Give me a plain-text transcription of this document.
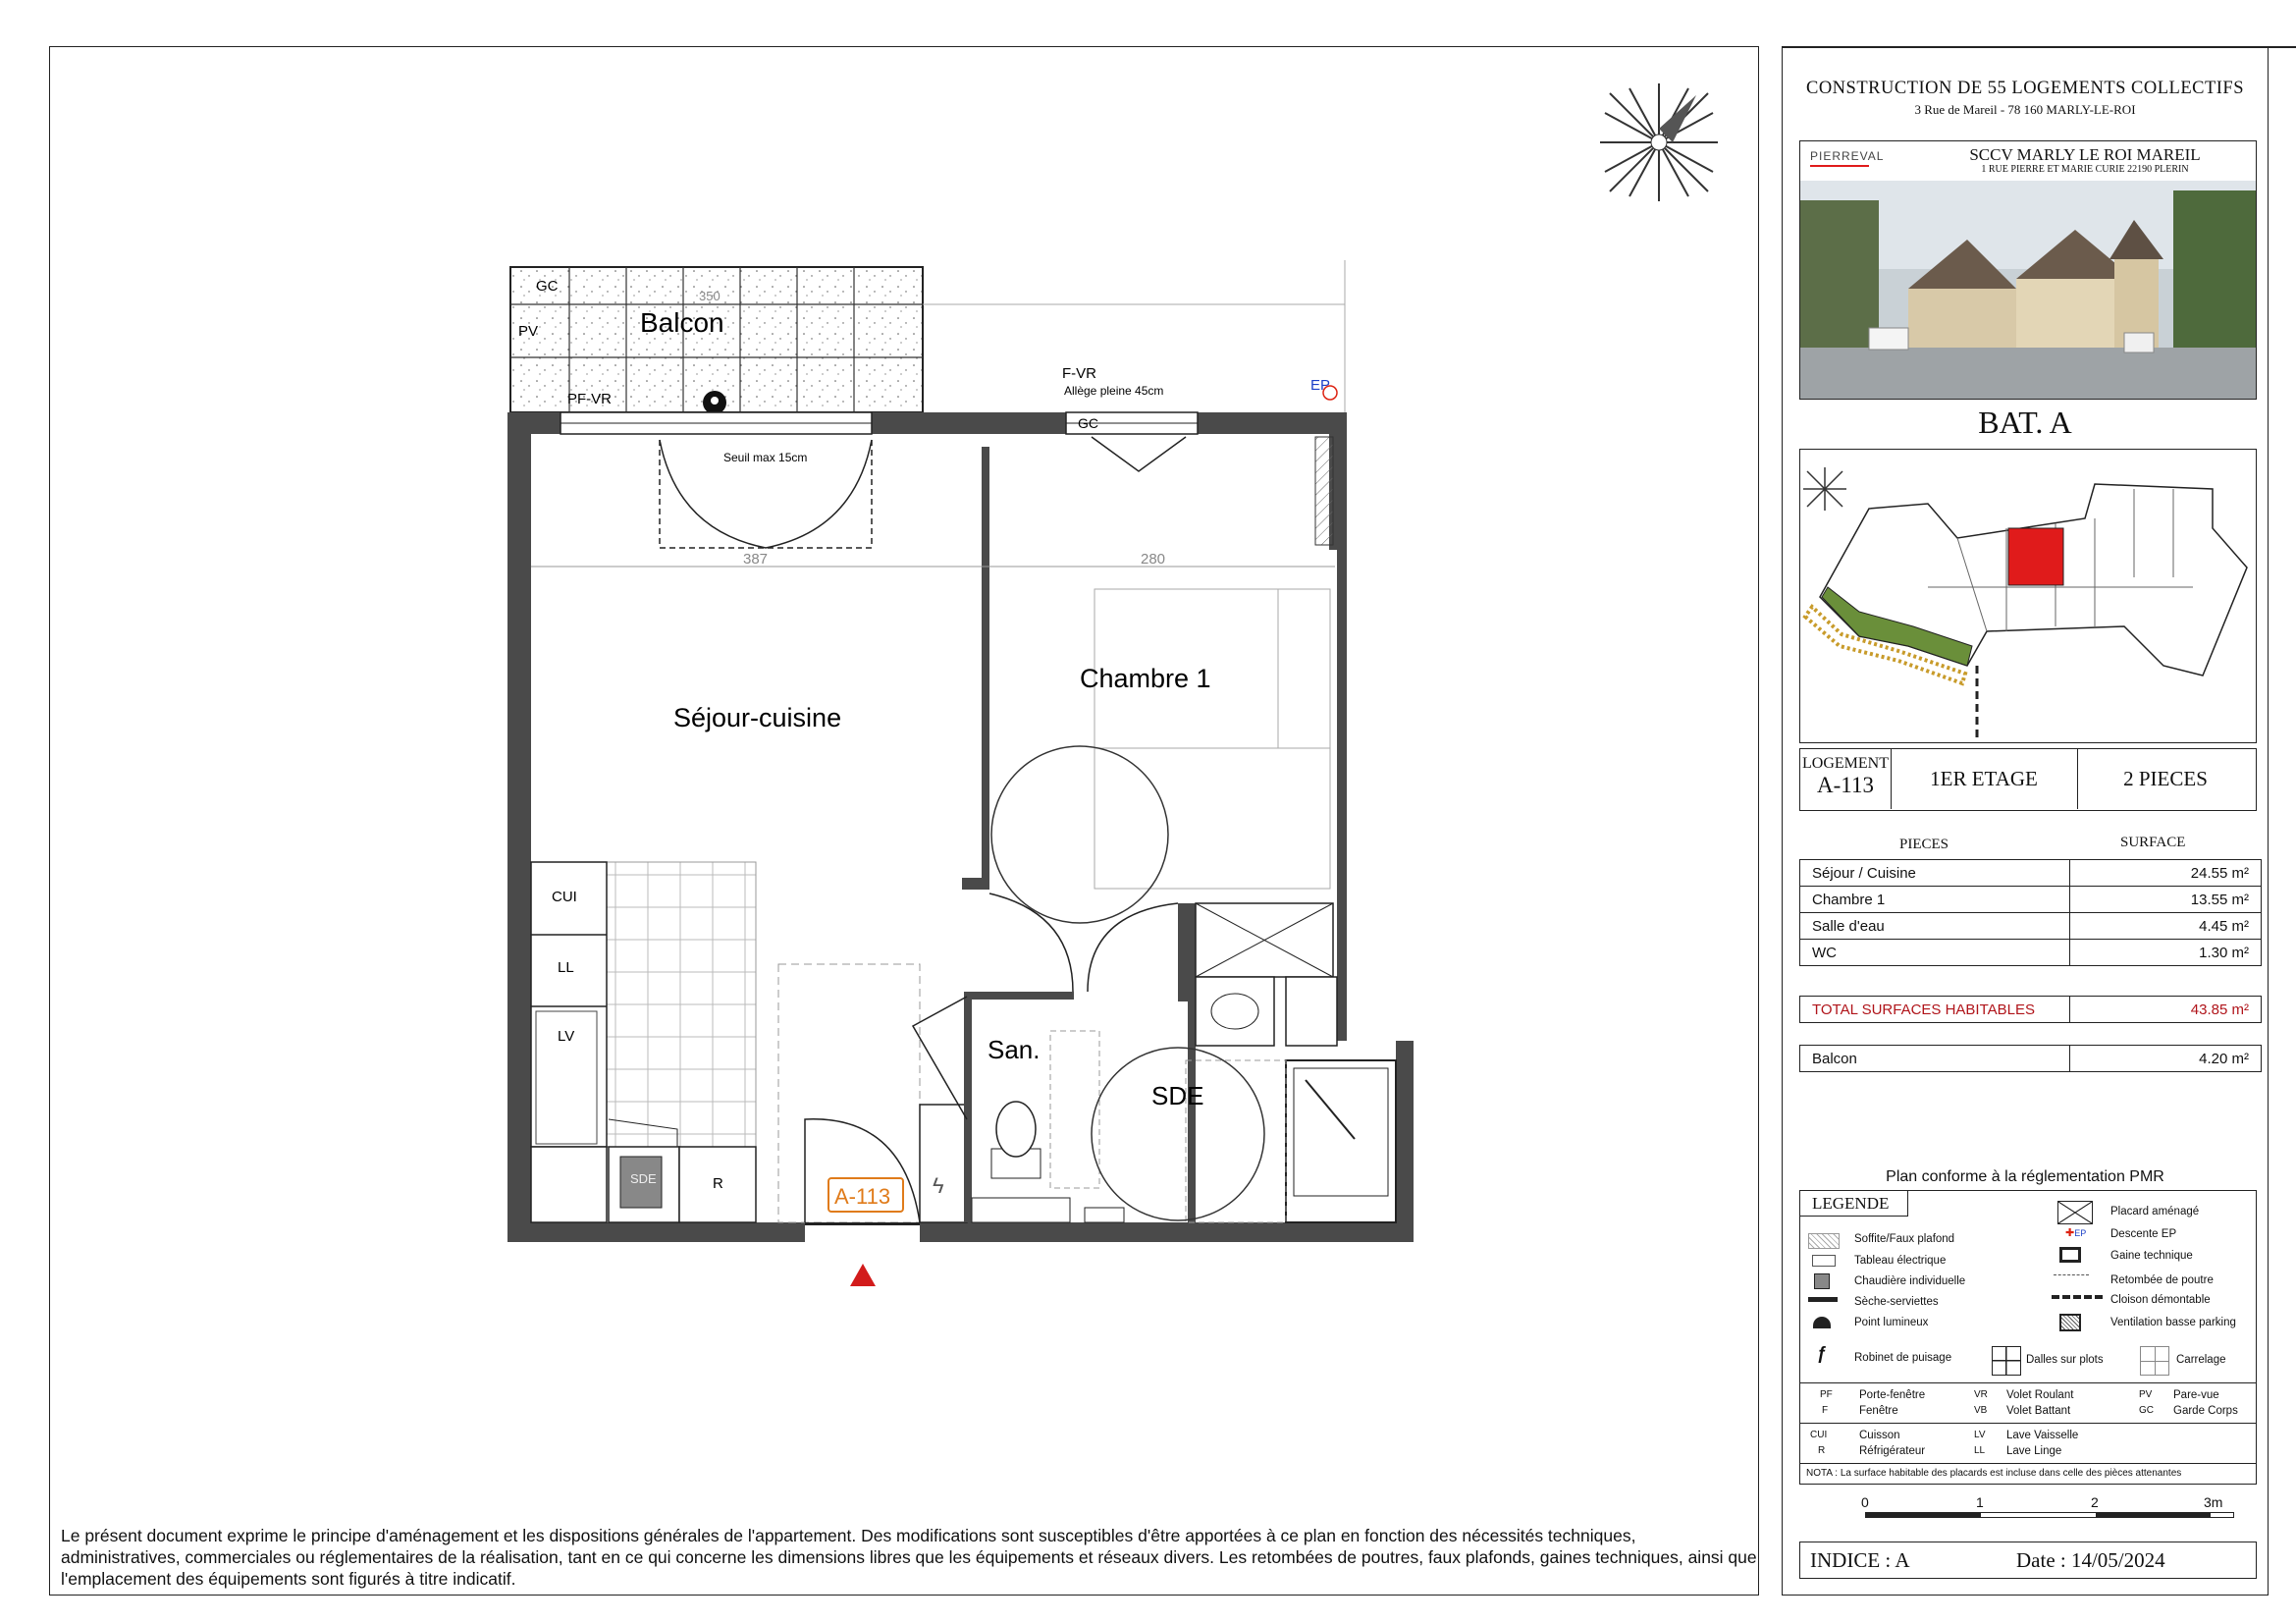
Balcon
GC
PV
PF-VR
350
GC
F-VR
Allège pleine 45cm
Seuil max 15cm
EP
387	280
CUI
LL
LV
R
SDE	ϟ
Séjour-cuisine
Chambre 1
San.
SDE
A-113
CONSTRUCTION DE 55 LOGEMENTS COLLECTIFS
3 Rue de Mareil - 78 160 MARLY-LE-ROI
PIERREVAL	SCCV MARLY LE ROI MAREIL
1 RUE PIERRE ET MARIE CURIE 22190 PLERIN
BAT. A
LOGEMENT
A-113	1ER ETAGE	2 PIECES
PIECES	SURFACE
Séjour / Cuisine	24.55 m²
Chambre 1	13.55 m²
Salle d'eau	4.45 m²
WC	1.30 m²
TOTAL SURFACES HABITABLES	43.85 m²
Balcon	4.20 m²
Plan conforme à la réglementation PMR
LEGENDE
ƒ
Soffite/Faux plafond
Tableau électrique
Chaudière individuelle
Sèche-serviettes
Point lumineux
Robinet de puisage
✚EP
Placard aménagé
Descente EP
Gaine technique
Retombée de poutre
Cloison démontable
Ventilation basse parking
Dalles sur plots	Carrelage
PF Porte-fenêtre
F	Fenêtre
VR Volet Roulant
VB Volet Battant
PV Pare-vue
GC Garde Corps
CUI	Cuisson
R	Réfrigérateur
LV Lave Vaisselle
LL Lave Linge
NOTA : La surface habitable des placards est incluse dans celle des pièces attenantes
0	1	2	3m
INDICE : A	Date : 14/05/2024
Le présent document exprime le principe d'aménagement et les dispositions générales de l'appartement. Des modifications sont susceptibles d'être apportées à ce plan en fonction des nécessités techniques, administratives, commerciales ou réglementaires de la réalisation, tant en ce qui concerne les dimensions libres que les équipements et réseaux divers. Les retombées de poutres, faux plafonds, gaines techniques, ainsi que l'emplacement des équipements sont figurés à titre indicatif.
